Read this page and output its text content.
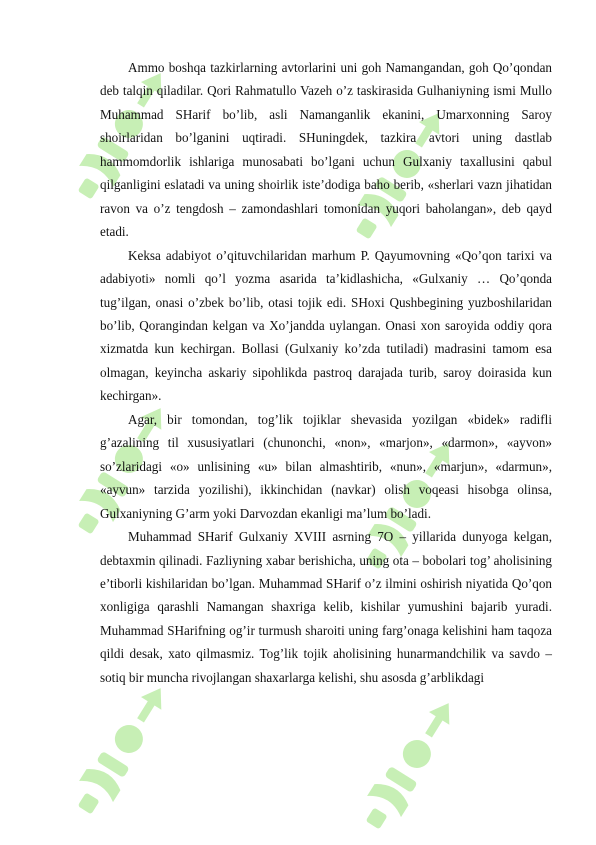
Ammo boshqa tazkirlarning avtorlarini uni goh Namangandan, goh Qo’qondan deb talqin qiladilar. Qori Rahmatullo Vazeh o’z taskirasida Gulhaniyning ismi Mullo Muhammad SHarif bo’lib, asli Namanganlik ekanini, Umarxonning Saroy shoirlaridan bo’lganini uqtiradi. SHuningdek, tazkira avtori uning dastlab hammomdorlik ishlariga munosabati bo’lgani uchun Gulxaniy taxallusini qabul qilganligini eslatadi va uning shoirlik iste’dodiga baho berib, «sherlari vazn jihatidan ravon va o’z tengdosh – zamondashlari tomonidan yuqori baholangan», deb qayd etadi.

Keksa adabiyot o’qituvchilaridan marhum P. Qayumovning «Qo’qon tarixi va adabiyoti» nomli qo’l yozma asarida ta’kidlashicha, «Gulxaniy … Qo’qonda tug’ilgan, onasi o’zbek bo’lib, otasi tojik edi. SHoxi Qushbegining yuzboshilaridan bo’lib, Qorangindan kelgan va Xo’jandda uylangan. Onasi xon saroyida oddiy qora xizmatda kun kechirgan. Bollasi (Gulxaniy ko’zda tutiladi) madrasini tamom esa olmagan, keyincha askariy sipohlikda pastroq darajada turib, saroy doirasida kun kechirgan».

Agar, bir tomondan, tog’lik tojiklar shevasida yozilgan «bidek» radifli g’azalining til xususiyatlari (chunonchi, «non», «marjon», «darmon», «ayvon» so’zlaridagi «o» unlisining «u» bilan almashtirib, «nun», «marjun», «darmun», «ayvun» tarzida yozilishi), ikkinchidan (navkar) olish voqeasi hisobga olinsa, Gulxaniyning G’arm yoki Darvozdan ekanligi ma’lum bo’ladi.

Muhammad SHarif Gulxaniy XVIII asrning 7O – yillarida dunyoga kelgan, debtaxmin qilinadi. Fazliyning xabar berishicha, uning ota – bobolari tog’ aholisining e’tiborli kishilaridan bo’lgan. Muhammad SHarif o’z ilmini oshirish niyatida Qo’qon xonligiga qarashli Namangan shaxriga kelib, kishilar yumushini bajarib yuradi. Muhammad SHarifning og’ir turmush sharoiti uning farg’onaga kelishini ham taqoza qildi desak, xato qilmasmiz. Tog’lik tojik aholisining hunarmandchilik va savdo – sotiq bir muncha rivojlangan shaxarlarga kelishi, shu asosda g’arblikdagi
